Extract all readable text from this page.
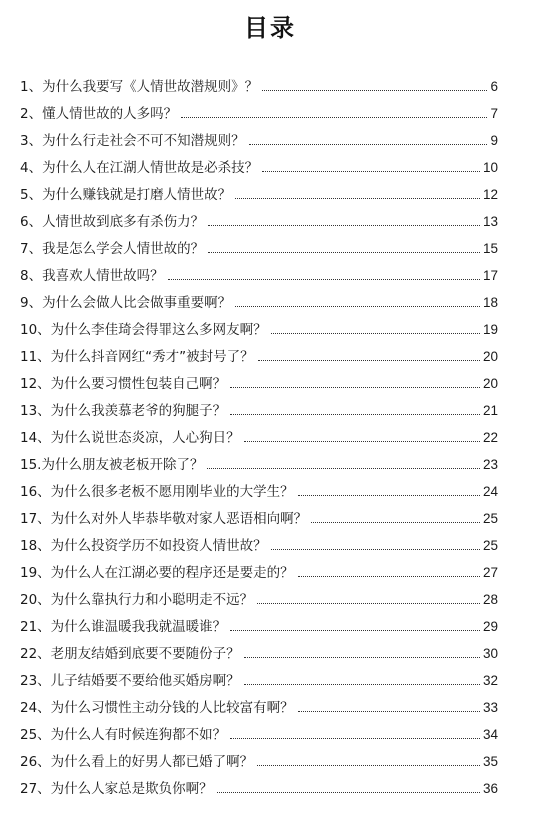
目录
1、为什么我要写《人情世故潜规则》？	6
2、懂人情世故的人多吗？	7
3、为什么行走社会不可不知潜规则？	9
4、为什么人在江湖人情世故是必杀技？	10
5、为什么赚钱就是打磨人情世故？	12
6、人情世故到底多有杀伤力？	13
7、我是怎么学会人情世故的？	15
8、我喜欢人情世故吗？	17
9、为什么会做人比会做事重要啊？	18
10、为什么李佳琦会得罪这么多网友啊？	19
11、为什么抖音网红“秀才”被封号了？	20
12、为什么要习惯性包装自己啊？	20
13、为什么我羡慕老爷的狗腿子？	21
14、为什么说世态炎凉，人心狗日？	22
15.为什么朋友被老板开除了？	23
16、为什么很多老板不愿用刚毕业的大学生？	24
17、为什么对外人毕恭毕敬对家人恶语相向啊？	25
18、为什么投资学历不如投资人情世故？	25
19、为什么人在江湖必要的程序还是要走的？	27
20、为什么靠执行力和小聪明走不远？	28
21、为什么谁温暖我我就温暖谁？	29
22、老朋友结婚到底要不要随份子？	30
23、儿子结婚要不要给他买婚房啊？	32
24、为什么习惯性主动分钱的人比较富有啊？	33
25、为什么人有时候连狗都不如？	34
26、为什么看上的好男人都已婚了啊？	35
27、为什么人家总是欺负你啊？	36
